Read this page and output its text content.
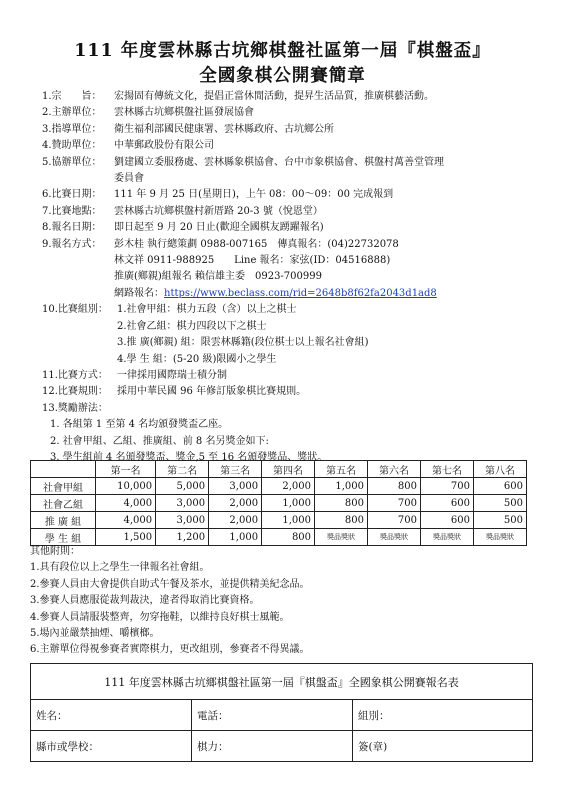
111 年度雲林縣古坑鄉棋盤社區第一屆『棋盤盃』
全國象棋公開賽簡章
1.宗　　旨：	宏揚固有傳統文化，提倡正當休閒活動，提昇生活品質，推廣棋藝活動。
2.主辦單位：	雲林縣古坑鄉棋盤社區發展協會
3.指導單位：	衛生福利部國民健康署、雲林縣政府、古坑鄉公所
4.贊助單位：	中華郵政股份有限公司
5.協辦單位：	劉建國立委服務處、雲林縣象棋協會、台中市象棋協會、棋盤村萬善堂管理
委員會
6.比賽日期：	111 年 9 月 25 日(星期日)，上午 08：00～09：00 完成報到
7.比賽地點：	雲林縣古坑鄉棋盤村新厝路 20-3 號（悅恩堂）
8.報名日期：	即日起至 9 月 20 日止(歡迎全國棋友踴躍報名)
9.報名方式：	彭木桂 執行總策劃 0988-007165　傳真報名：(04)22732078
林文祥 0911-988925　　Line 報名：家弦(ID：04516888)
推廣(鄉親)組報名 賴信雄主委　0923-700999
網路報名： https://www.beclass.com/rid=2648b8f62fa2043d1ad8
10.比賽組別： 1.社會甲組：棋力五段（含）以上之棋士
2.社會乙組：棋力四段以下之棋士
3.推 廣(鄉親) 組：限雲林縣籍(段位棋士以上報名社會組)
4.學 生 組：(5-20 級)限國小之學生
11.比賽方式： 一律採用國際瑞士積分制
12.比賽規則： 採用中華民國 96 年修訂版象棋比賽規則。
13.獎勵辦法：
1. 各組第 1 至第 4 名均頒發獎盃乙座。
2. 社會甲組、乙組、推廣組、前 8 名另獎金如下:
3. 學生組前 4 名頒發獎盃、獎金,5 至 16 名頒發獎品、獎狀。
	第一名	第二名	第三名	第四名	第五名	第六名	第七名	第八名
社會甲組	10,000	5,000	3,000	2,000	1,000	800	700	600
社會乙組	4,000	3,000	2,000	1,000	800	700	600	500
推 廣 組	4,000	3,000	2,000	1,000	800	700	600	500
學 生 組	1,500	1,200	1,000	800	獎品獎狀	獎品獎狀	獎品獎狀	獎品獎狀
其他附則：
1.具有段位以上之學生一律報名社會組。
2.參賽人員由大會提供自助式午餐及茶水，並提供精美紀念品。
3.參賽人員應服從裁判裁決，違者得取消比賽資格。
4.參賽人員請服裝整齊，勿穿拖鞋，以維持良好棋士風範。
5.場內並嚴禁抽煙、嚼檳榔。
6.主辦單位得視參賽者實際棋力，更改組別，參賽者不得異議。
111 年度雲林縣古坑鄉棋盤社區第一屆『棋盤盃』全國象棋公開賽報名表		
姓名：	電話：	組別：
縣市或學校：	棋力：	簽(章)
